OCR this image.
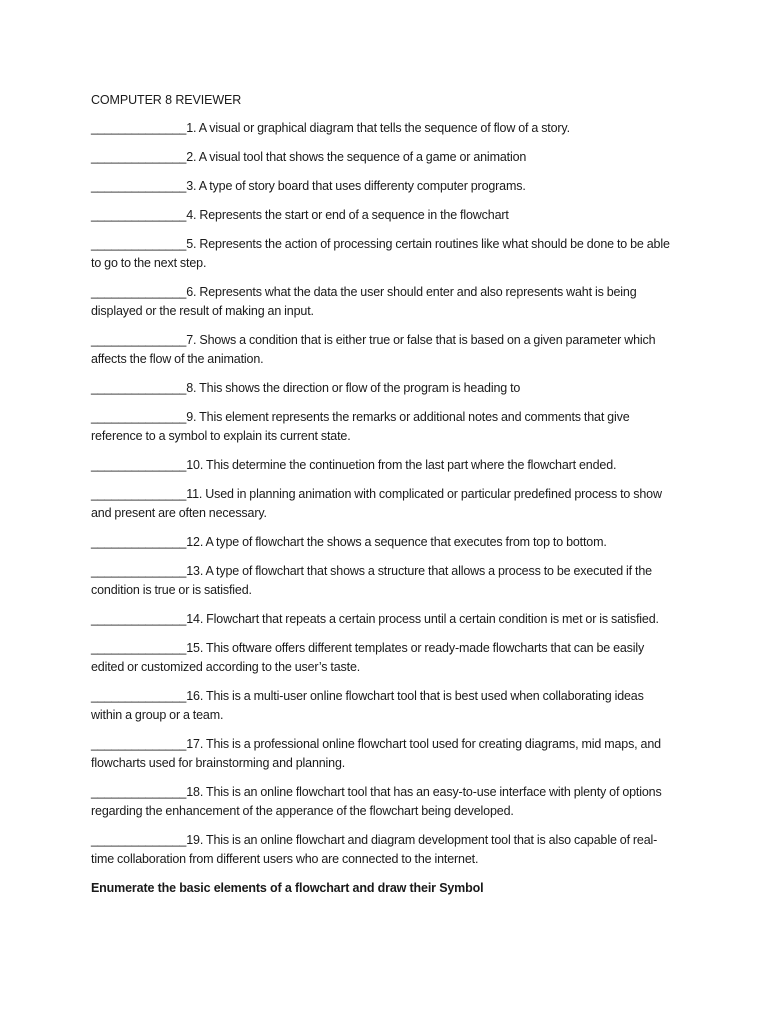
COMPUTER 8 REVIEWER
______________1. A visual or graphical diagram that tells the sequence of flow of a story.
______________2. A visual tool that shows the sequence of a game or animation
______________3. A type of story board that uses differenty computer programs.
______________4. Represents the start or end of a sequence in the flowchart
______________5. Represents the action of processing certain routines like what should be done to be able to go to the next step.
______________6. Represents what the data the user should enter and also represents waht is being displayed or the result of making an input.
______________7. Shows a condition that is either true or false that is based on a given parameter which affects the flow of the animation.
______________8. This shows the direction or flow of the program is heading to
______________9. This element represents the remarks or additional notes and comments that give reference to a symbol to explain its current state.
______________10. This determine the continuetion from the last part where the flowchart ended.
______________11. Used in planning animation with complicated or particular predefined process to show and present are often necessary.
______________12. A type of flowchart the shows a sequence that executes from top to bottom.
______________13. A type of flowchart that shows a structure that allows a process to be executed if the condition is true or is satisfied.
______________14. Flowchart that repeats a certain process until a certain condition is met or is satisfied.
______________15. This oftware offers different templates or ready-made flowcharts that can be easily edited or customized according to the user’s taste.
______________16. This is a multi-user online flowchart tool that is best used when collaborating ideas within a group or a team.
______________17. This is a professional online flowchart tool used for creating diagrams, mid maps, and flowcharts used for brainstorming and planning.
______________18. This is an online flowchart tool that has an easy-to-use interface with plenty of options regarding the enhancement of the apperance of the flowchart being developed.
______________19. This is an online flowchart and diagram development tool that is also capable of real-time collaboration from different users who are connected to the internet.

Enumerate the basic elements of a flowchart and draw their Symbol
